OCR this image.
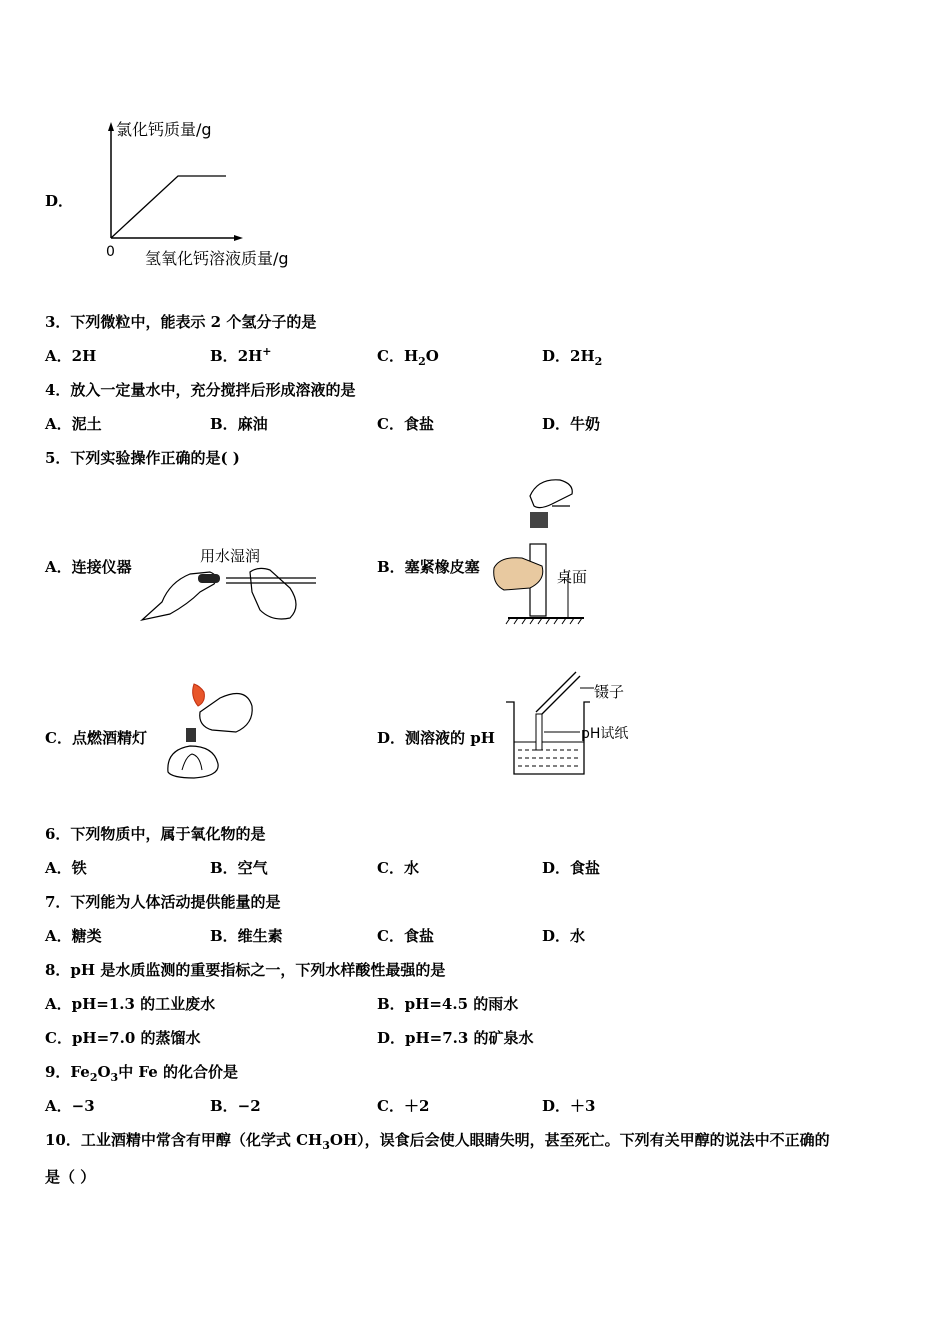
D．
氯化钙质量/g
0 氢氧化钙溶液质量/g
3．下列微粒中，能表示 2 个氢分子的是
A．2H	B．2H+	C．$H_2O$	D．$2H_2$
4．放入一定量水中，充分搅拌后形成溶液的是
A．泥土	B．麻油	C．食盐	D．牛奶
5．下列实验操作正确的是( )
A．连接仪器
用水湿润
B．塞紧橡皮塞
桌面
C．点燃酒精灯	D．测溶液的 pH
镊子
pH试纸
6．下列物质中，属于氧化物的是
A．铁	B．空气	C．水	D．食盐
7．下列能为人体活动提供能量的是
A．糖类	B．维生素	C．食盐	D．水
8．pH 是水质监测的重要指标之一，下列水样酸性最强的是
A．pH=1.3 的工业废水	B．pH=4.5 的雨水
C．pH=7.0 的蒸馏水	D．pH=7.3 的矿泉水
9．$Fe_2O_3$中 Fe 的化合价是
A．−3	B．−2	C．＋2	D．＋3
10．工业酒精中常含有甲醇（化学式 $CH_3OH$），误食后会使人眼睛失明，甚至死亡。下列有关甲醇的说法中不正确的
是（ ）
